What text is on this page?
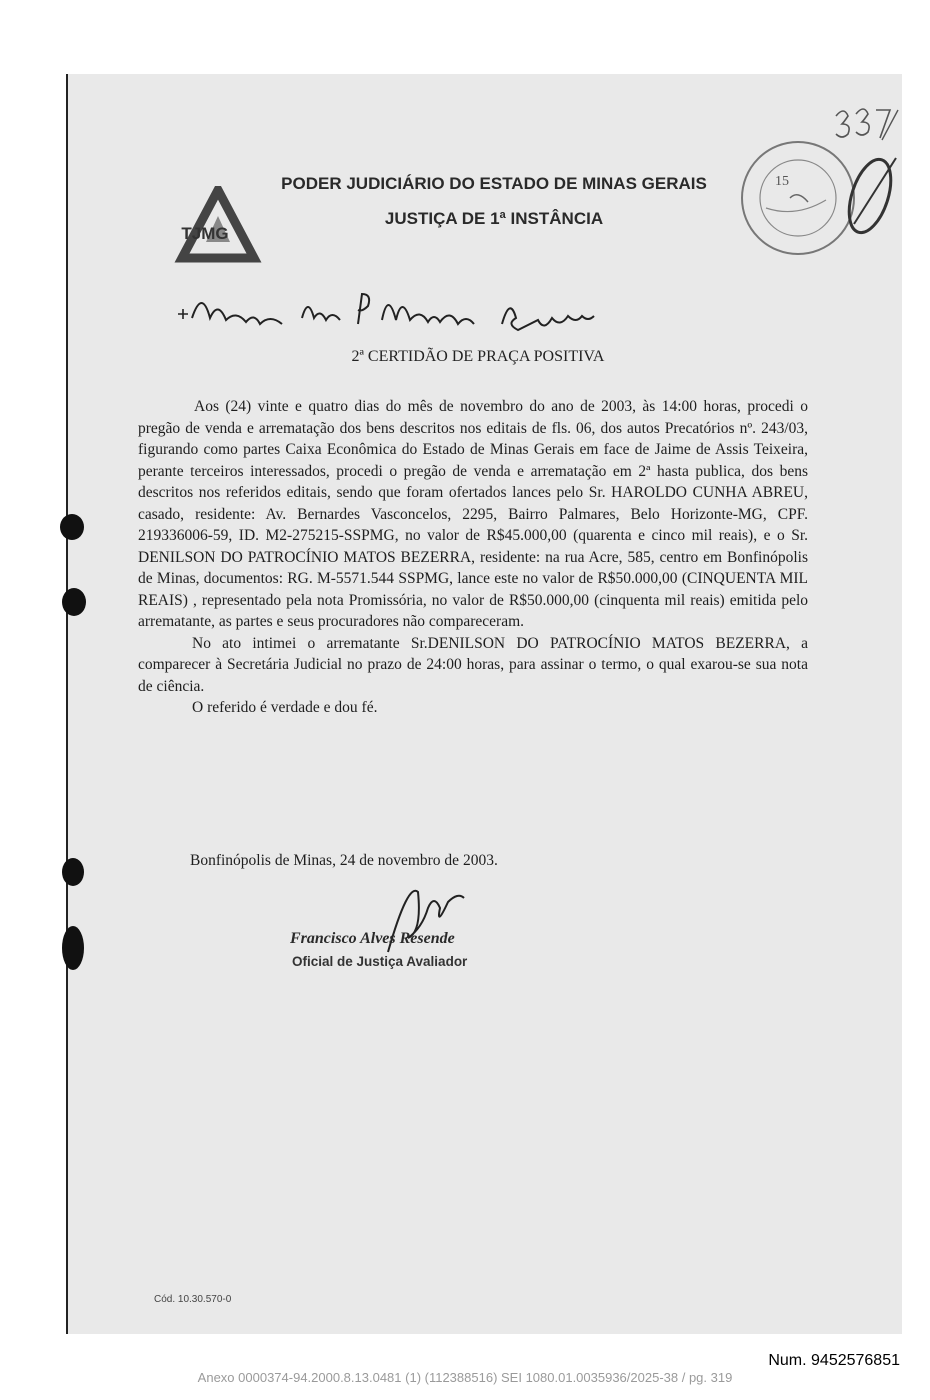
TJMG
PODER JUDICIÁRIO DO ESTADO DE MINAS GERAIS
JUSTIÇA DE 1ª INSTÂNCIA
15
2ª CERTIDÃO DE PRAÇA POSITIVA

Aos (24) vinte e quatro dias do mês de novembro do ano de 2003, às 14:00 horas, procedi o pregão de venda e arrematação dos bens descritos nos editais de fls. 06, dos autos Precatórios nº. 243/03, figurando como partes Caixa Econômica do Estado de Minas Gerais em face de Jaime de Assis Teixeira, perante terceiros interessados, procedi o pregão de venda e arrematação em 2ª hasta publica, dos bens descritos nos referidos editais, sendo que foram ofertados lances pelo Sr. HAROLDO CUNHA ABREU, casado, residente: Av. Bernardes Vasconcelos, 2295, Bairro Palmares, Belo Horizonte-MG, CPF. 219336006-59, ID. M2-275215-SSPMG, no valor de R$45.000,00 (quarenta e cinco mil reais), e o Sr. DENILSON DO PATROCÍNIO MATOS BEZERRA, residente: na rua Acre, 585, centro em Bonfinópolis de Minas, documentos: RG. M-5571.544 SSPMG, lance este no valor de R$50.000,00 (CINQUENTA MIL REAIS) , representado pela nota Promissória, no valor de R$50.000,00 (cinquenta mil reais) emitida pelo arrematante, as partes e seus procuradores não compareceram.

No ato intimei o arrematante Sr.DENILSON DO PATROCÍNIO MATOS BEZERRA, a comparecer à Secretária Judicial no prazo de 24:00 horas, para assinar o termo, o qual exarou-se sua nota de ciência.

O referido é verdade e dou fé.

Bonfinópolis de Minas, 24 de novembro de 2003.
Francisco Alves Resende
Oficial de Justiça Avaliador
Cód. 10.30.570-0
Num. 9452576851
Anexo 0000374-94.2000.8.13.0481 (1) (112388516) SEI 1080.01.0035936/2025-38 / pg. 319
